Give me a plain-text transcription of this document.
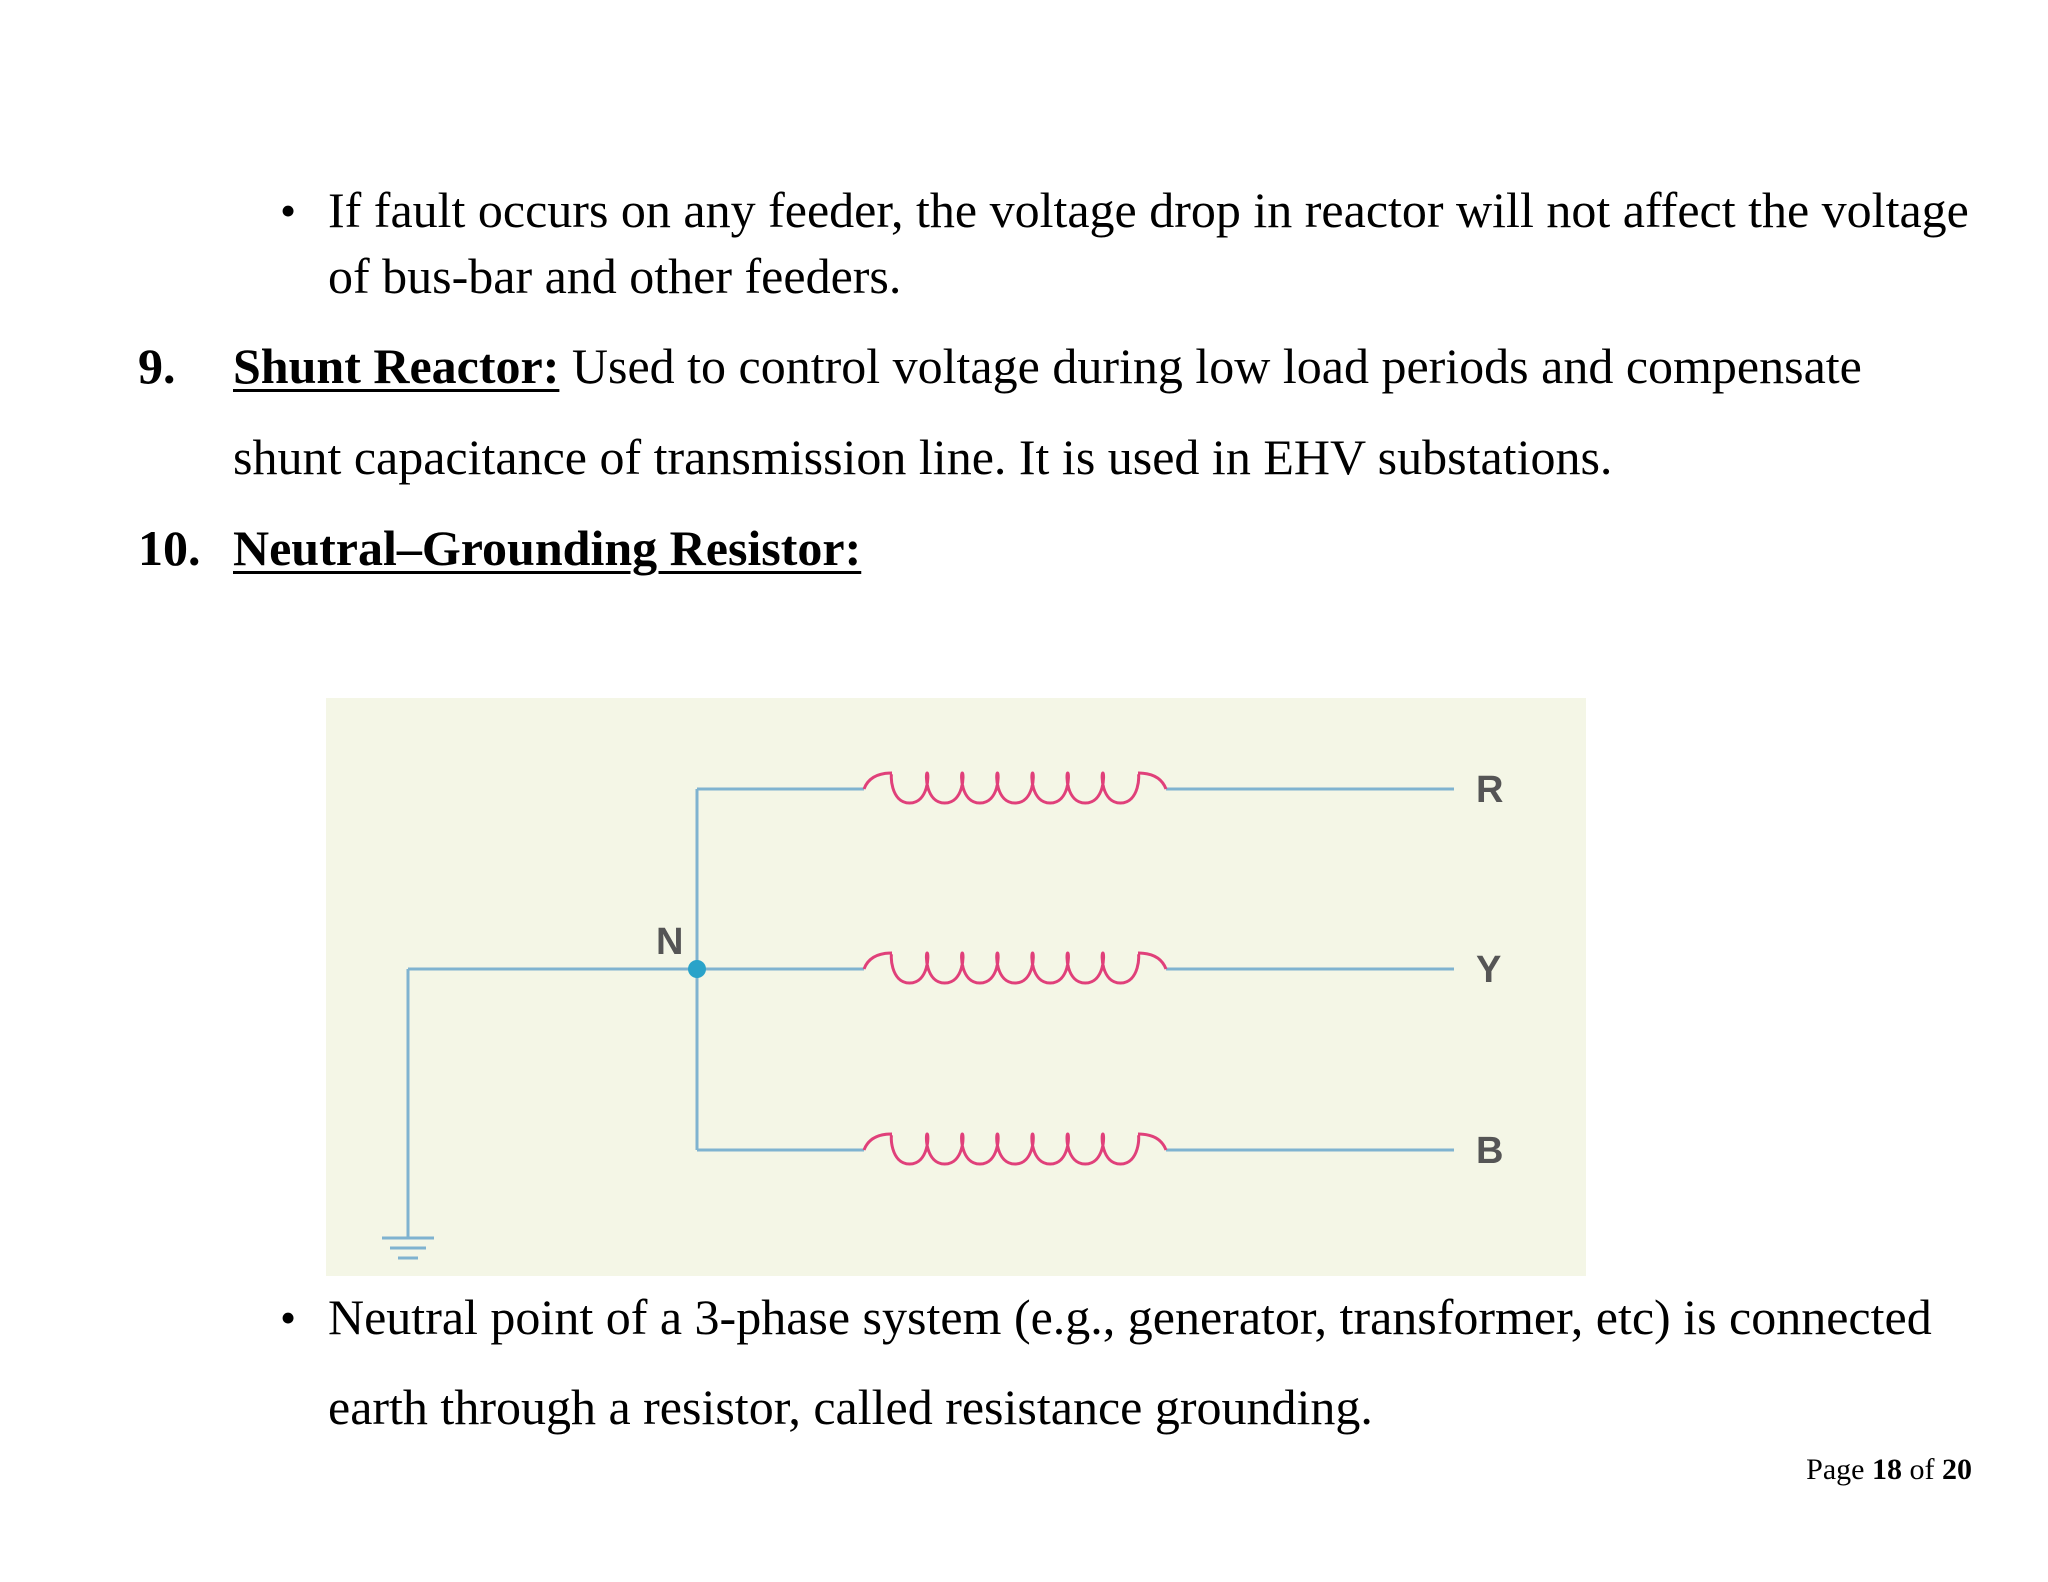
• If fault occurs on any feeder, the voltage drop in reactor will not affect the voltage
of bus-bar and other feeders.
9. Shunt Reactor: Used to control voltage during low load periods and compensate
shunt capacitance of transmission line. It is used in EHV substations.
10. Neutral–Grounding Resistor:
N
R
Y
B
• Neutral point of a 3-phase system (e.g., generator, transformer, etc) is connected
earth through a resistor, called resistance grounding.
Page 18 of 20
